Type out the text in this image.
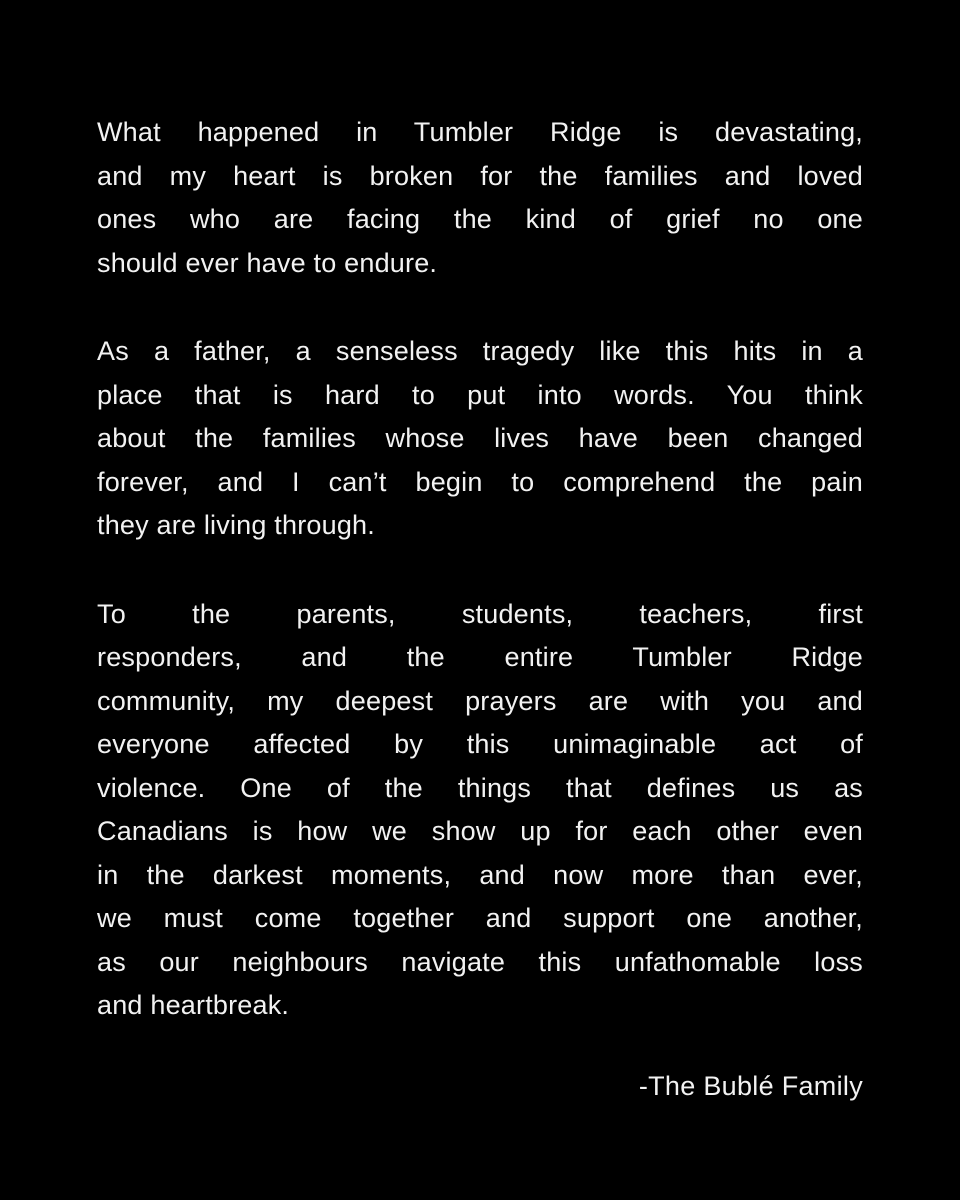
What happened in Tumbler Ridge is devastating,
and my heart is broken for the families and loved
ones who are facing the kind of grief no one
should ever have to endure.
As a father, a senseless tragedy like this hits in a
place that is hard to put into words. You think
about the families whose lives have been changed
forever, and I can’t begin to comprehend the pain
they are living through.
To the parents, students, teachers, first
responders, and the entire Tumbler Ridge
community, my deepest prayers are with you and
everyone affected by this unimaginable act of
violence. One of the things that defines us as
Canadians is how we show up for each other even
in the darkest moments, and now more than ever,
we must come together and support one another,
as our neighbours navigate this unfathomable loss
and heartbreak.
-The Bublé Family
